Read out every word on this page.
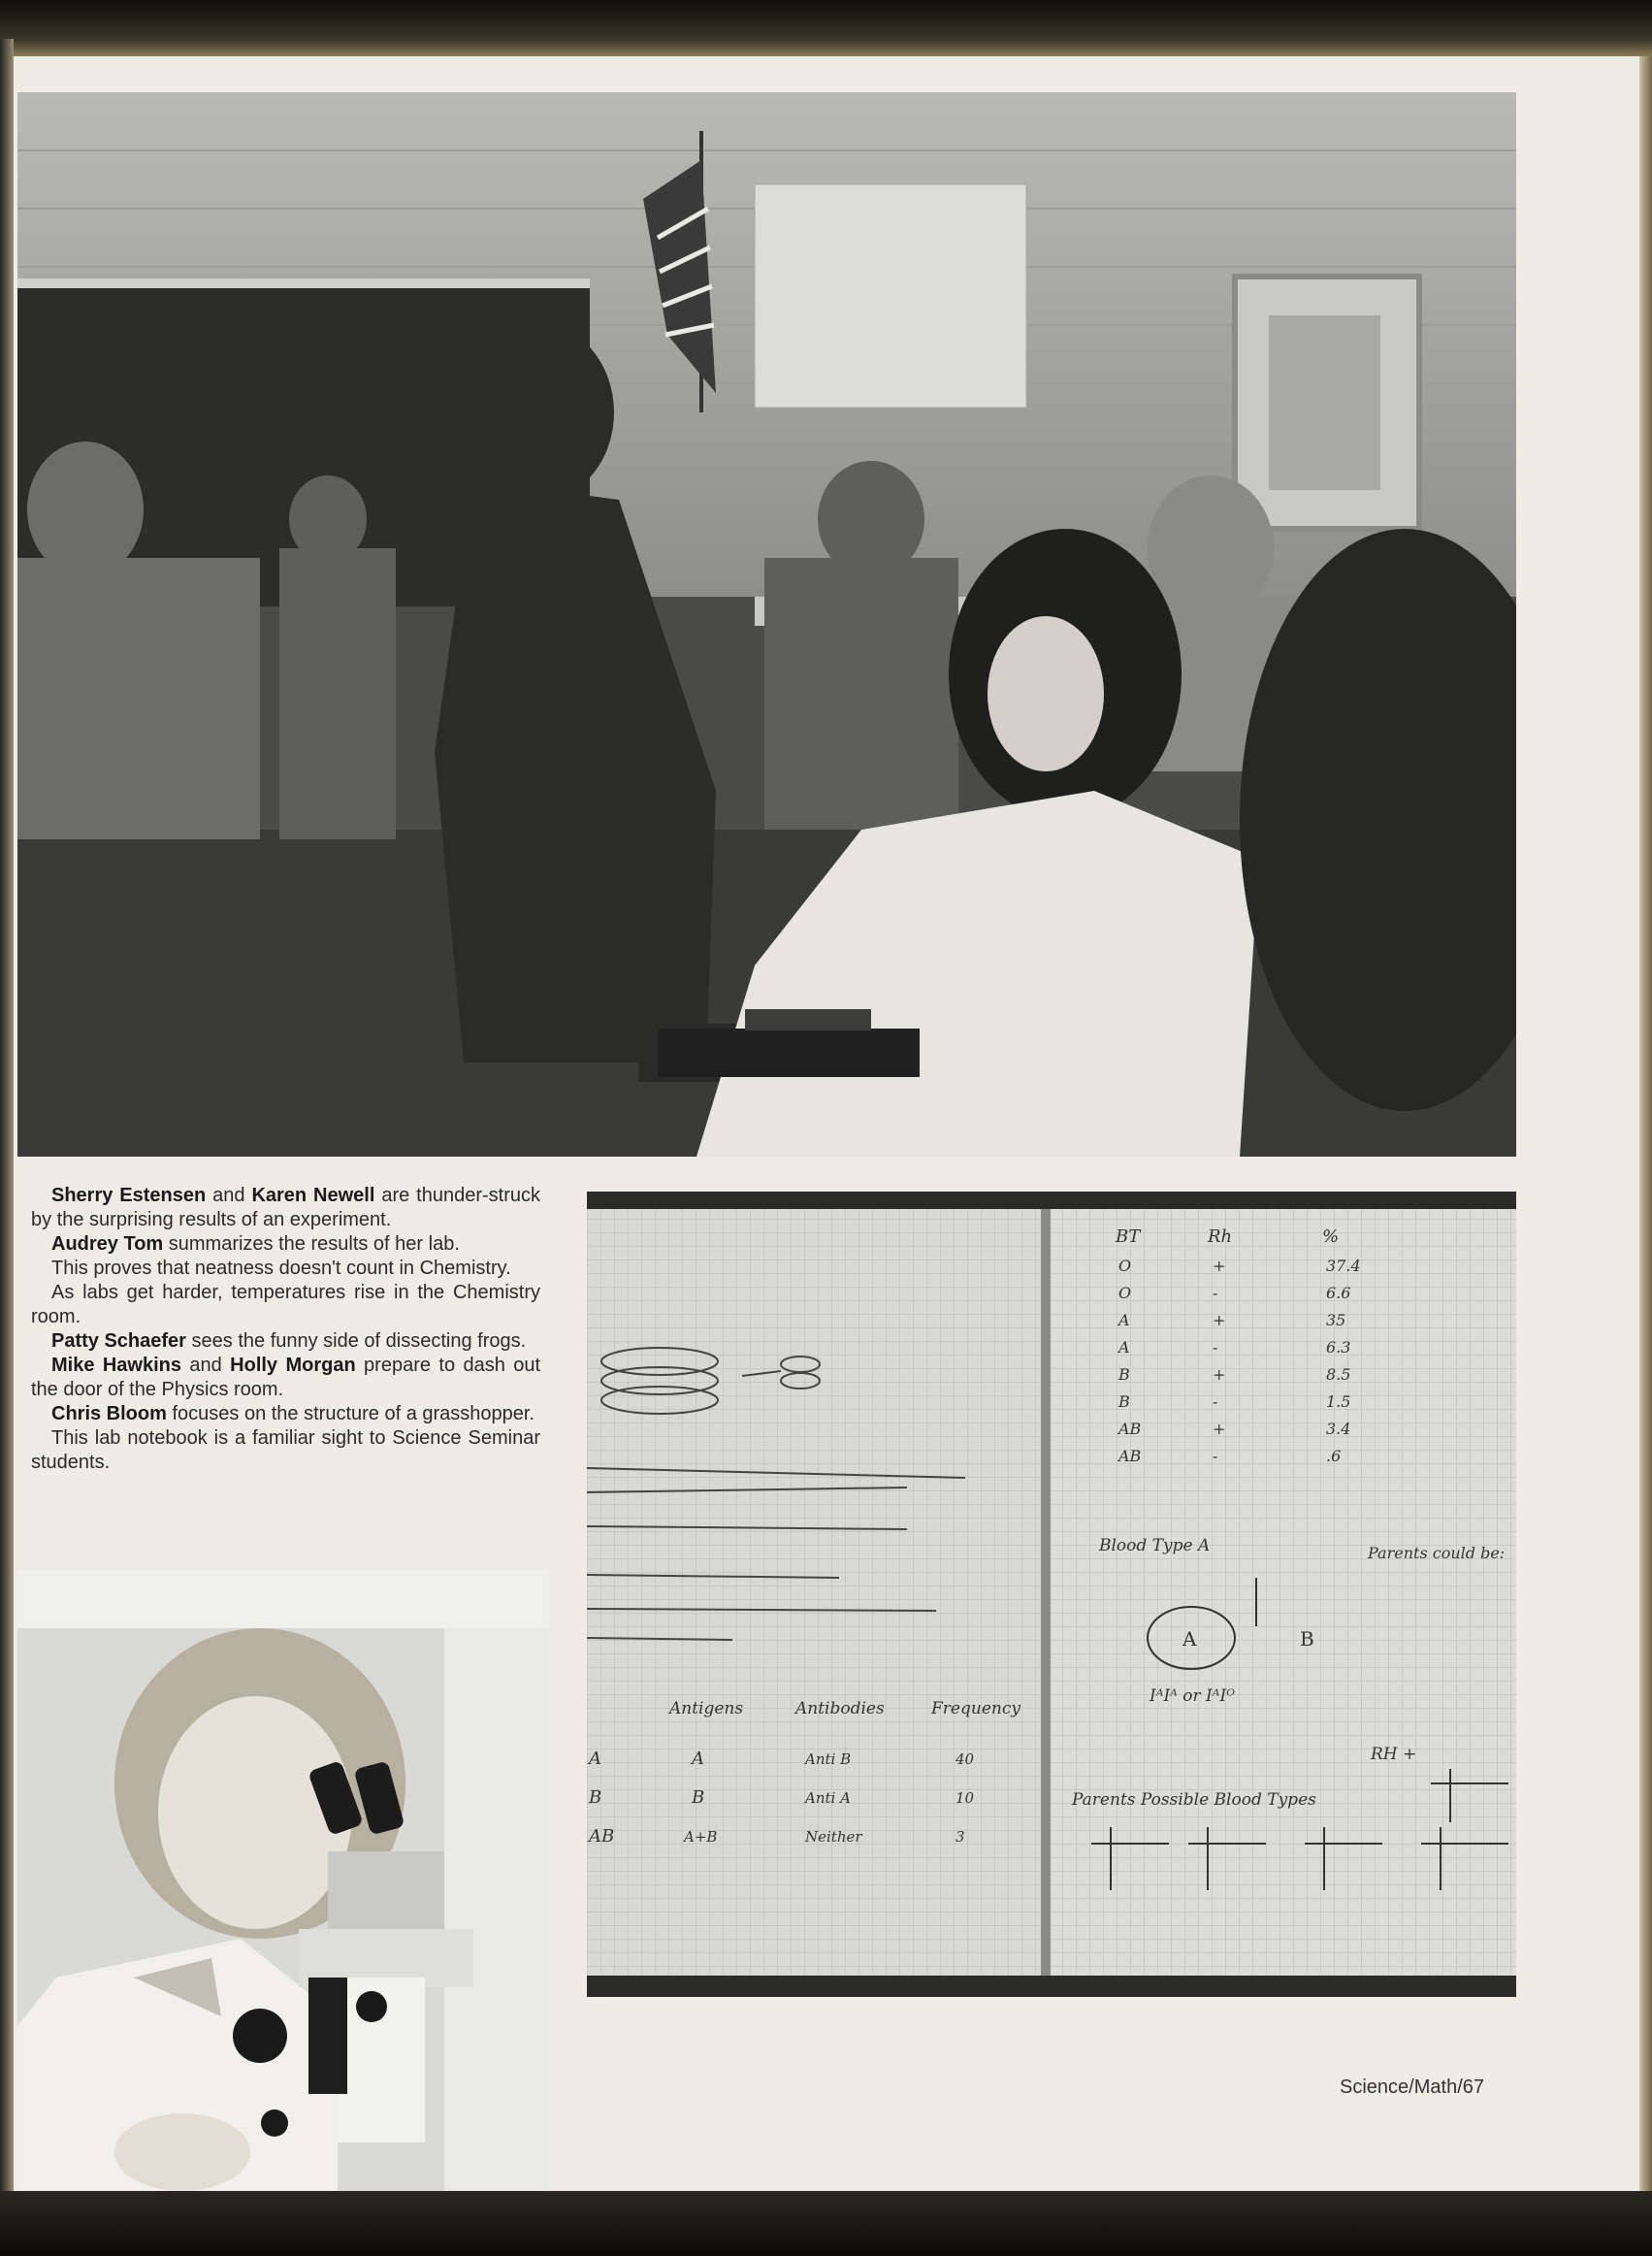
Sherry Estensen and Karen Newell are thunder-struck by the surprising results of an experiment.

Audrey Tom summarizes the results of her lab.

This proves that neatness doesn't count in Chemistry.

As labs get harder, temperatures rise in the Chemistry room.

Patty Schaefer sees the funny side of dissecting frogs.

Mike Hawkins and Holly Morgan prepare to dash out the door of the Physics room.

Chris Bloom focuses on the structure of a grasshopper.

This lab notebook is a familiar sight to Science Seminar students.

Antigens	Antibodies	Frequency
A	A	Anti B	40
B	B	Anti A	10
AB	A+B	Neither	3
BT	Rh	%
O	+	37.4
O	-	6.6
A	+	35
A	-	6.3
B	+	8.5
B	-	1.5
AB	+	3.4
AB	-	.6
Blood Type A	Parents could be:
A	B
IᴬIᴬ or IᴬIᴼ
RH +
Parents Possible Blood Types
Science/Math/67
